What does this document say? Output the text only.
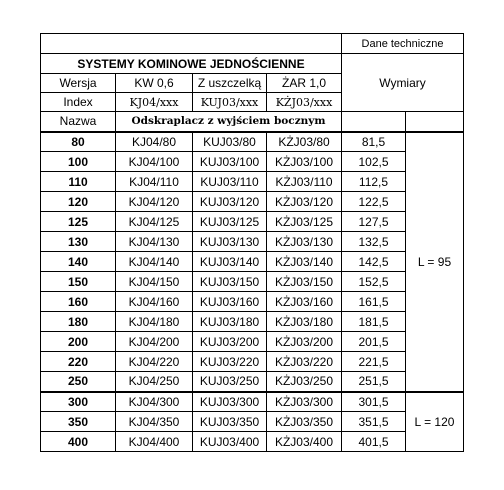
				Dane techniczne	
SYSTEMY KOMINOWE JEDNOŚCIENNE				Wymiary	
Wersja	KW 0,6	Z uszczelką	ŻAR 1,0		
Index	KJ04/xxx	KUJ03/xxx	KŻJ03/xxx		
Nazwa	Odskraplacz z wyjściem bocznym				
80	KJ04/80	KUJ03/80	KŻJ03/80	81,5	L = 95
100	KJ04/100	KUJ03/100	KŻJ03/100	102,5	
110	KJ04/110	KUJ03/110	KŻJ03/110	112,5	
120	KJ04/120	KUJ03/120	KŻJ03/120	122,5	
125	KJ04/125	KUJ03/125	KŻJ03/125	127,5	
130	KJ04/130	KUJ03/130	KŻJ03/130	132,5	
140	KJ04/140	KUJ03/140	KŻJ03/140	142,5	
150	KJ04/150	KUJ03/150	KŻJ03/150	152,5	
160	KJ04/160	KUJ03/160	KŻJ03/160	161,5	
180	KJ04/180	KUJ03/180	KŻJ03/180	181,5	
200	KJ04/200	KUJ03/200	KŻJ03/200	201,5	
220	KJ04/220	KUJ03/220	KŻJ03/220	221,5	
250	KJ04/250	KUJ03/250	KŻJ03/250	251,5	
300	KJ04/300	KUJ03/300	KŻJ03/300	301,5	L = 120
350	KJ04/350	KUJ03/350	KŻJ03/350	351,5	
400	KJ04/400	KUJ03/400	KŻJ03/400	401,5	
